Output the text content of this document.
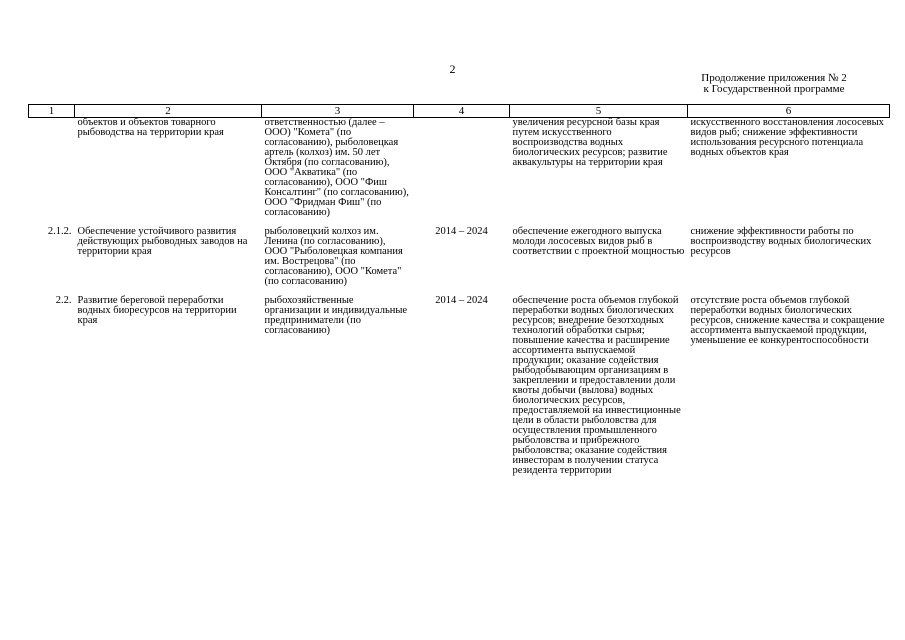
2
Продолжение приложения № 2
к Государственной программе
1	2	3	4	5	6
	объектов и объектов товарного рыбоводства на территории края	ответственностью (далее – ООО) "Комета" (по согласованию), рыболовецкая артель (колхоз) им. 50 лет Октября (по согласованию), ООО "Акватика" (по согласованию), ООО "Фиш Консалтинг" (по согласованию), ООО "Фридман Фиш" (по согласованию)		увеличения ресурсной базы края путем искусственного воспроизводства водных биологических ресурсов; развитие аквакультуры на территории края	искусственного восстановления лососевых видов рыб; снижение эффективности использования ресурсного потенциала водных объектов края

2.1.2.	Обеспечение устойчивого развития действующих рыбоводных заводов на территории края	рыболовецкий колхоз им. Ленина (по согласованию), ООО "Рыболовецкая компания им. Вострецова" (по согласованию), ООО "Комета" (по согласованию)	2014 – 2024	обеспечение ежегодного выпуска молоди лососевых видов рыб в соответствии с проектной мощностью	снижение эффективности работы по воспроизводству водных биологических ресурсов

2.2.	Развитие береговой переработки водных биоресурсов на территории края	рыбохозяйственные организации и индивидуальные предприниматели (по согласованию)	2014 – 2024	обеспечение роста объемов глубокой переработки водных биологических ресурсов; внедрение безотходных технологий обработки сырья; повышение качества и расширение ассортимента выпускаемой продукции; оказание содействия рыбодобывающим организациям в закреплении и предоставлении доли квоты добычи (вылова) водных биологических ресурсов, предоставляемой на инвестиционные цели в области рыболовства для осуществления промышленного рыболовства и прибрежного рыболовства; оказание содействия инвесторам в получении статуса резидента территории	отсутствие роста объемов глубокой переработки водных биологических ресурсов, снижение качества и сокращение ассортимента выпускаемой продукции, уменьшение ее конкурентоспособности
